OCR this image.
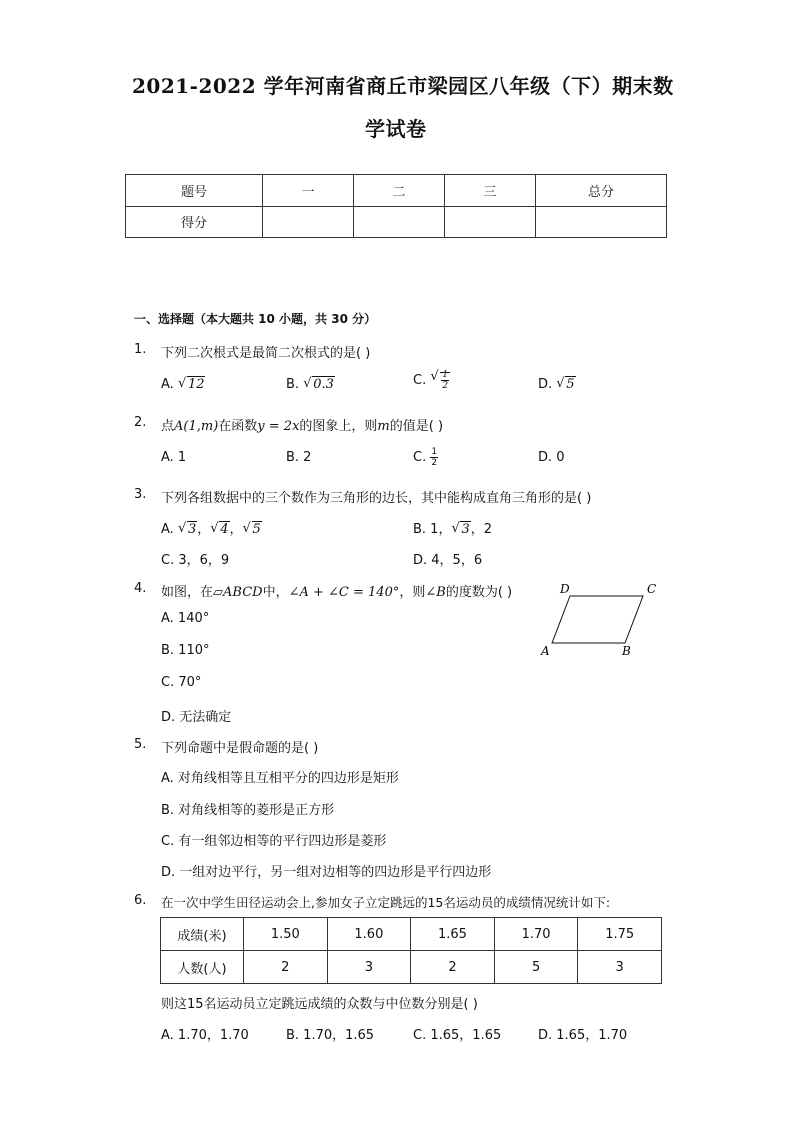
2021-2022 学年河南省商丘市梁园区八年级（下）期末数
学试卷
题号	一	二	三	总分
得分				
一、选择题（本大题共 10 小题，共 30 分）
1. 下列二次根式是最简二次根式的是( )
A. √ 12	B. √ 0.3	C. √ $\frac{1}{2}$	D. √ 5
2. 点A(1,m)在函数y = 2x的图象上，则m的值是( )
A. 1	B. 2	C. $\frac{1}{2}$	D. 0
3. 下列各组数据中的三个数作为三角形的边长，其中能构成直角三角形的是( )
A. √ 3， √ 4， √ 5	B. 1， √ 3，2
C. 3，6，9	D. 4，5，6
4. 如图，在▱ABCD中，∠A + ∠C = 140°，则∠B的度数为( )
A. 140°
B. 110°
C. 70°
D. 无法确定
D	C
A	B
5. 下列命题中是假命题的是( )
A. 对角线相等且互相平分的四边形是矩形
B. 对角线相等的菱形是正方形
C. 有一组邻边相等的平行四边形是菱形
D. 一组对边平行，另一组对边相等的四边形是平行四边形
6. 在一次中学生田径运动会上,参加女子立定跳远的15名运动员的成绩情况统计如下:
成绩(米)	1.50	1.60	1.65	1.70	1.75
人数(人)	2	3	2	5	3
则这15名运动员立定跳远成绩的众数与中位数分别是( )
A. 1.70，1.70	B. 1.70，1.65	C. 1.65，1.65	D. 1.65，1.70
